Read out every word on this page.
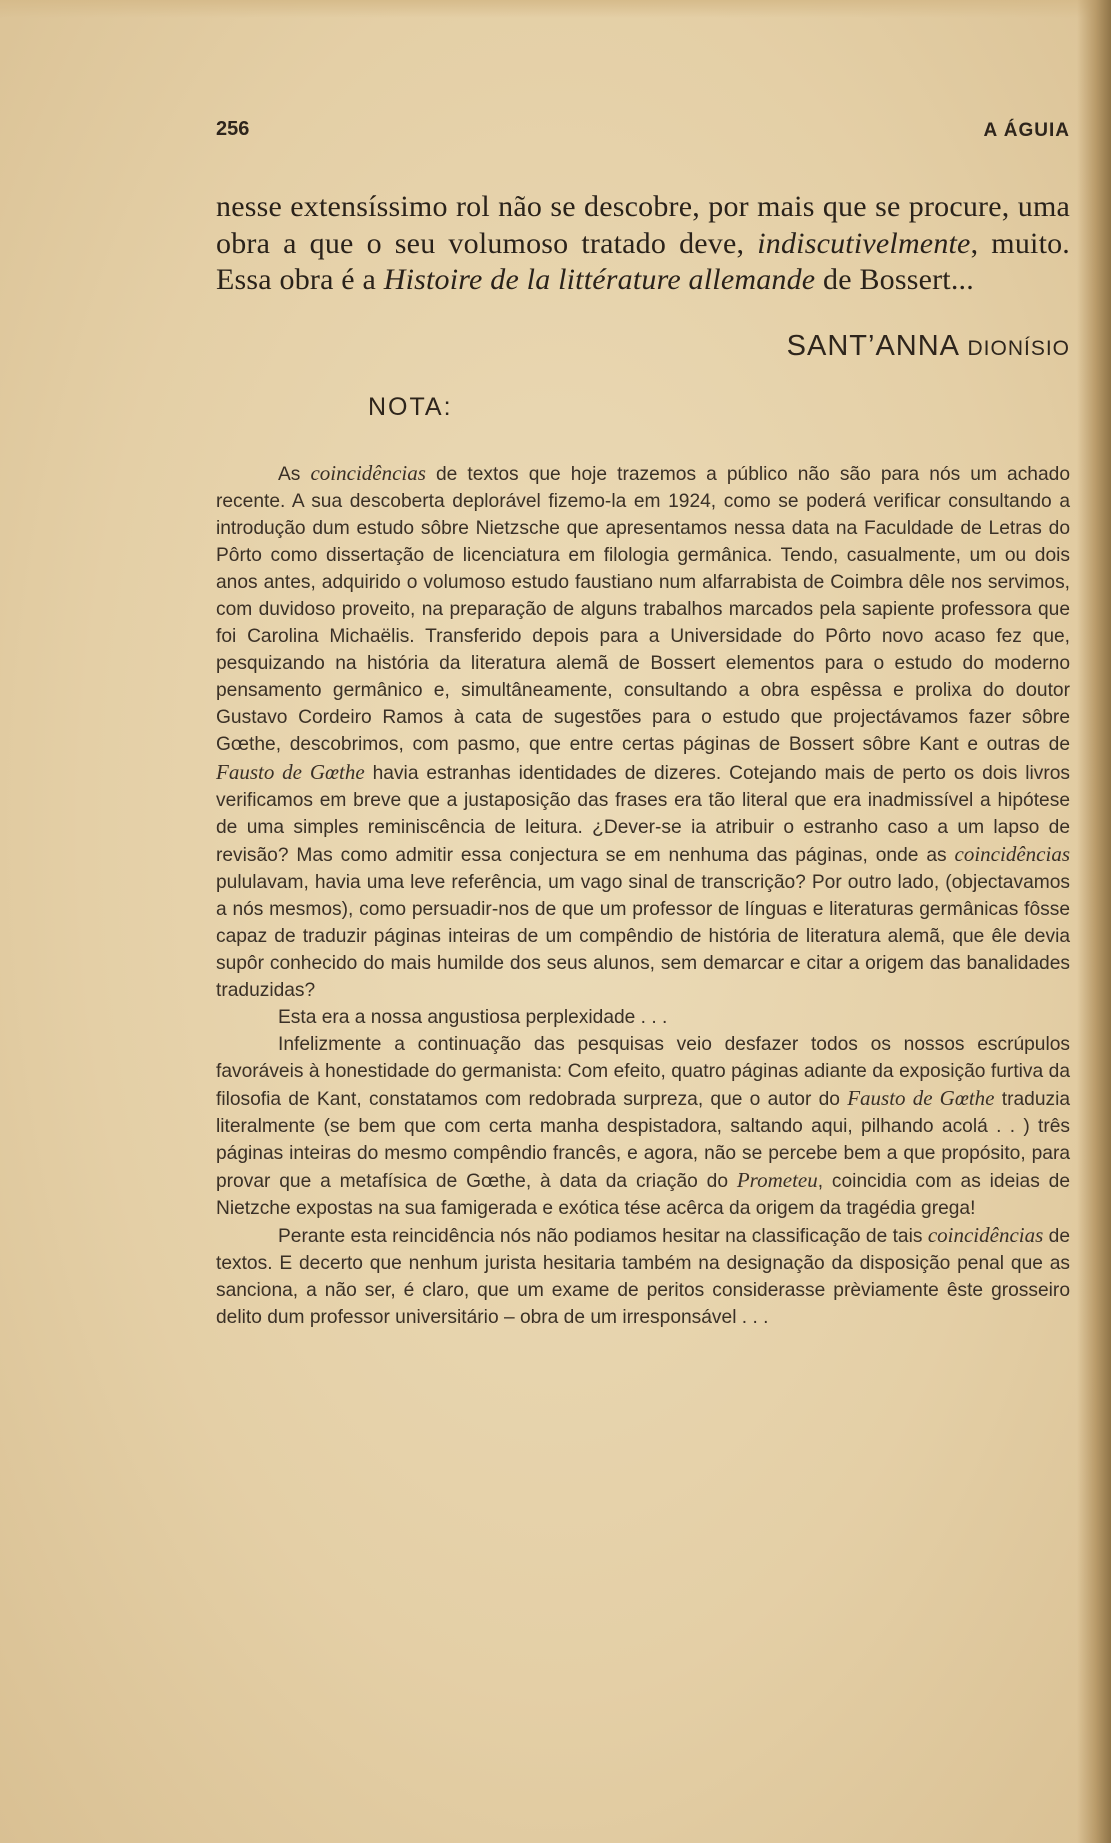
256	A ÁGUIA
nesse extensíssimo rol não se descobre, por mais que se procure, uma obra a que o seu volumoso tratado deve, indiscutivelmente, muito. Essa obra é a Histoire de la littérature allemande de Bossert...
SANT’ANNA DIONÍSIO
NOTA:

As coincidências de textos que hoje trazemos a público não são para nós um achado recente. A sua descoberta deplorável fizemo-la em 1924, como se poderá verificar consultando a introdução dum estudo sôbre Nietzsche que apresentamos nessa data na Faculdade de Letras do Pôrto como dissertação de licenciatura em filologia germânica. Tendo, casualmente, um ou dois anos antes, adquirido o volumoso estudo faustiano num alfarrabista de Coimbra dêle nos servimos, com duvidoso proveito, na preparação de alguns trabalhos marcados pela sapiente professora que foi Carolina Michaëlis. Transferido depois para a Universidade do Pôrto novo acaso fez que, pesquizando na história da literatura alemã de Bossert elementos para o estudo do moderno pensamento germânico e, simultâneamente, consultando a obra espêssa e prolixa do doutor Gustavo Cordeiro Ramos à cata de sugestões para o estudo que projectávamos fazer sôbre Gœthe, descobrimos, com pasmo, que entre certas páginas de Bossert sôbre Kant e outras de Fausto de Gœthe havia estranhas identidades de dizeres. Cotejando mais de perto os dois livros verificamos em breve que a justaposição das frases era tão literal que era inadmissível a hipótese de uma simples reminiscência de leitura. ¿Dever-se ia atribuir o estranho caso a um lapso de revisão? Mas como admitir essa conjectura se em nenhuma das páginas, onde as coincidências pululavam, havia uma leve referência, um vago sinal de transcrição? Por outro lado, (objectavamos a nós mesmos), como persuadir-nos de que um professor de línguas e literaturas germânicas fôsse capaz de traduzir páginas inteiras de um compêndio de história de literatura alemã, que êle devia supôr conhecido do mais humilde dos seus alunos, sem demarcar e citar a origem das banalidades traduzidas?

Esta era a nossa angustiosa perplexidade . . .

Infelizmente a continuação das pesquisas veio desfazer todos os nossos escrúpulos favoráveis à honestidade do germanista: Com efeito, quatro páginas adiante da exposição furtiva da filosofia de Kant, constatamos com redobrada surpreza, que o autor do Fausto de Gœthe traduzia literalmente (se bem que com certa manha despistadora, saltando aqui, pilhando acolá . . ) três páginas inteiras do mesmo compêndio francês, e agora, não se percebe bem a que propósito, para provar que a metafísica de Gœthe, à data da criação do Prometeu, coincidia com as ideias de Nietzche expostas na sua famigerada e exótica tése acêrca da origem da tragédia grega!

Perante esta reincidência nós não podiamos hesitar na classificação de tais coincidências de textos. E decerto que nenhum jurista hesitaria também na designação da disposição penal que as sanciona, a não ser, é claro, que um exame de peritos considerasse prèviamente êste grosseiro delito dum professor universitário – obra de um irresponsável . . .
